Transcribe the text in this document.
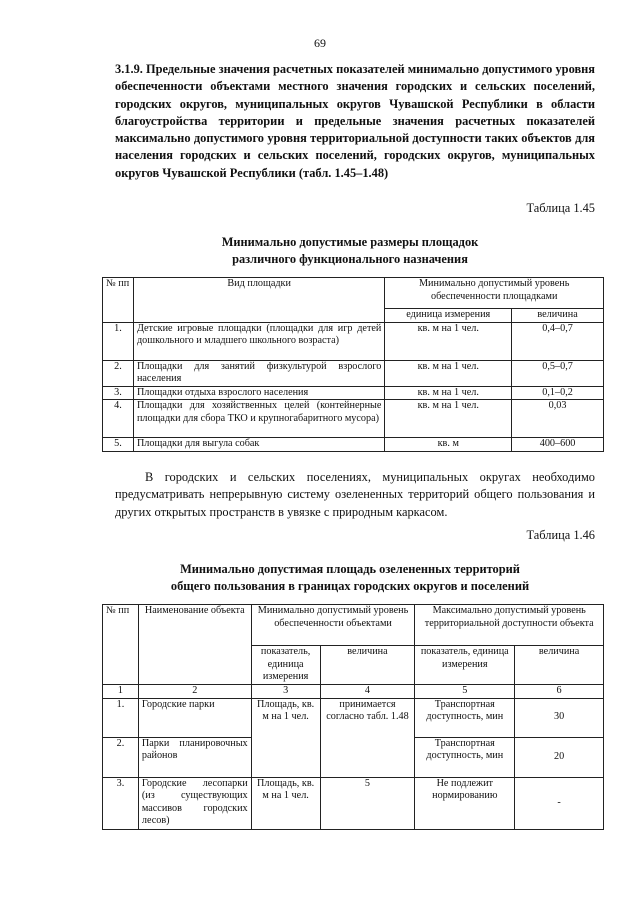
69
3.1.9. Предельные значения расчетных показателей минимально допустимого уровня обеспеченности объектами местного значения городских и сельских поселений, городских округов, муниципальных округов Чувашской Республики в области благоустройства территории и предельные значения расчетных показателей максимально допустимого уровня территориальной доступности таких объектов для населения городских и сельских поселений, городских округов, муниципальных округов Чувашской Республики (табл. 1.45–1.48)
Таблица 1.45
Минимально допустимые размеры площадок
различного функционального назначения
№ пп	Вид площадки	Минимально допустимый уровень обеспеченности площадками	
		единица измерения	величина
1.	Детские игровые площадки (площадки для игр детей дошкольного и младшего школьного возраста)	кв. м на 1 чел.	0,4–0,7
2.	Площадки для занятий физкультурой взрослого населения	кв. м на 1 чел.	0,5–0,7
3.	Площадки отдыха взрослого населения	кв. м на 1 чел.	0,1–0,2
4.	Площадки для хозяйственных целей (контейнерные площадки для сбора ТКО и крупногабаритного мусора)	кв. м на 1 чел.	0,03
5.	Площадки для выгула собак	кв. м	400–600
В городских и сельских поселениях, муниципальных округах необходимо предусматривать непрерывную систему озелененных территорий общего пользования и других открытых пространств в увязке с природным каркасом.
Таблица 1.46
Минимально допустимая площадь озелененных территорий
общего пользования в границах городских округов и поселений
№ пп	Наименование объекта	Минимально допустимый уровень обеспеченности объектами		Максимально допустимый уровень территориальной доступности объекта	
		показатель, единица измерения	величина	показатель, единица измерения	величина
1	2	3	4	5	6
1.	Городские парки	Площадь, кв. м на 1 чел.	принимается согласно табл. 1.48	Транспортная доступность, мин	30
2.	Парки планировочных районов			Транспортная доступность, мин	20
3.	Городские лесопарки (из существующих массивов городских лесов)	Площадь, кв. м на 1 чел.	5	Не подлежит нормированию	-
